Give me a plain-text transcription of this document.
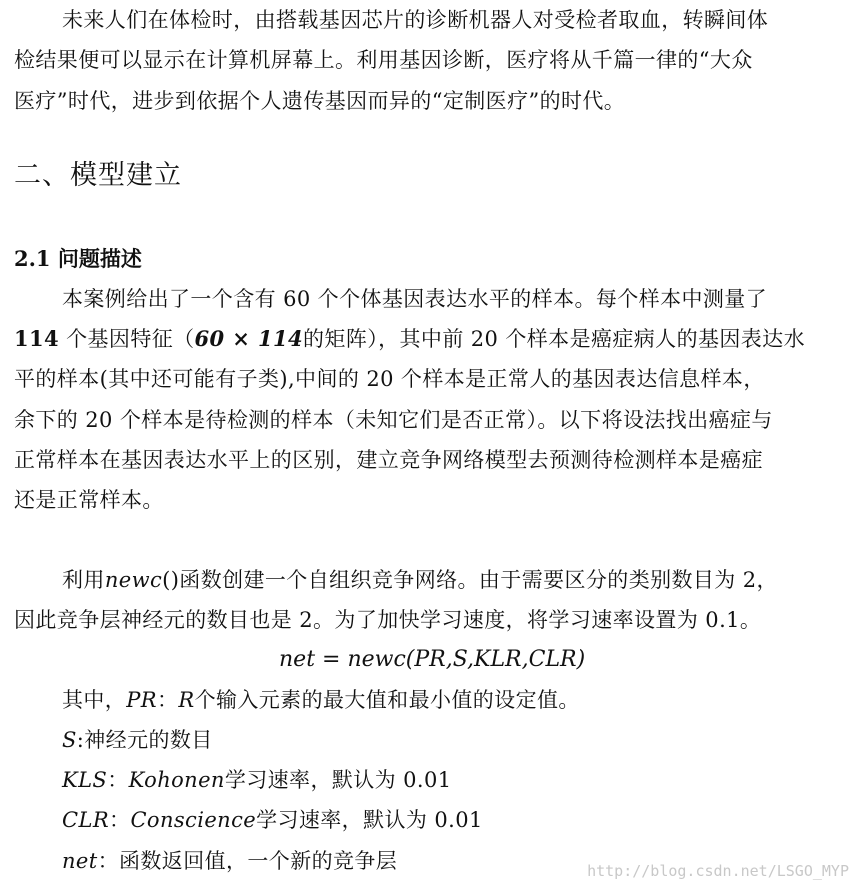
未来人们在体检时，由搭载基因芯片的诊断机器人对受检者取血，转瞬间体
检结果便可以显示在计算机屏幕上。利用基因诊断，医疗将从千篇一律的“大众
医疗”时代，进步到依据个人遗传基因而异的“定制医疗”的时代。
二、模型建立
2.1 问题描述
本案例给出了一个含有 60 个个体基因表达水平的样本。每个样本中测量了
114 个基因特征（60 × 114的矩阵），其中前 20 个样本是癌症病人的基因表达水
平的样本(其中还可能有子类),中间的 20 个样本是正常人的基因表达信息样本，
余下的 20 个样本是待检测的样本（未知它们是否正常）。以下将设法找出癌症与
正常样本在基因表达水平上的区别，建立竞争网络模型去预测待检测样本是癌症
还是正常样本。
利用newc()函数创建一个自组织竞争网络。由于需要区分的类别数目为 2，
因此竞争层神经元的数目也是 2。为了加快学习速度，将学习速率设置为 0.1。
net = newc(PR,S,KLR,CLR)
其中，PR：R个输入元素的最大值和最小值的设定值。
S:神经元的数目
KLS：Kohonen学习速率，默认为 0.01
CLR：Conscience学习速率，默认为 0.01
net：函数返回值，一个新的竞争层	http://blog.csdn.net/LSGO_MYP
